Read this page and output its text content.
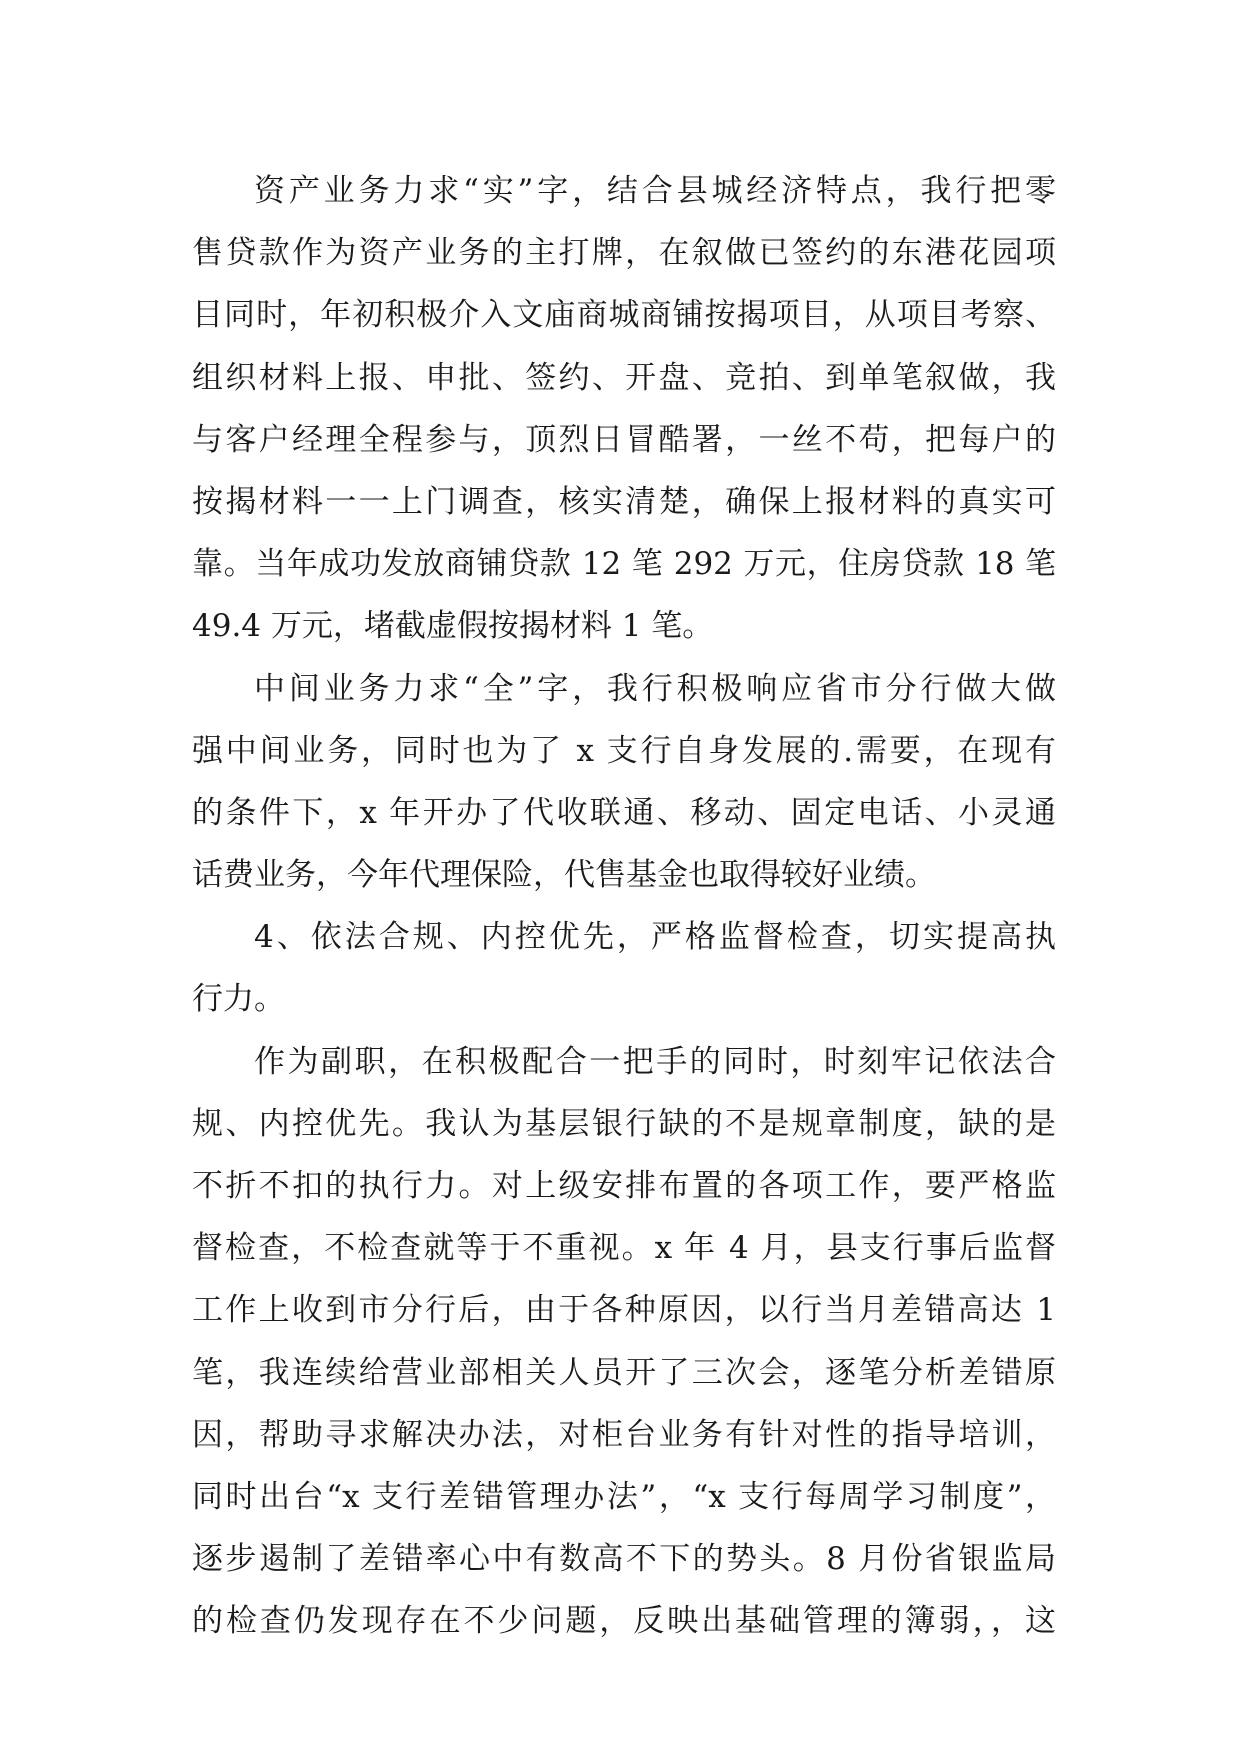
资产业务力求“实”字，结合县城经济特点，我行把零
售贷款作为资产业务的主打牌，在叙做已签约的东港花园项
目同时，年初积极介入文庙商城商铺按揭项目，从项目考察、
组织材料上报、申批、签约、开盘、竞拍、到单笔叙做，我
与客户经理全程参与，顶烈日冒酷署，一丝不苟，把每户的
按揭材料一一上门调查，核实清楚，确保上报材料的真实可
靠。当年成功发放商铺贷款 12 笔 292 万元，住房贷款 18 笔
49.4 万元，堵截虚假按揭材料 1 笔。
中间业务力求“全”字，我行积极响应省市分行做大做
强中间业务，同时也为了 x 支行自身发展的.需要，在现有
的条件下，x 年开办了代收联通、移动、固定电话、小灵通
话费业务，今年代理保险，代售基金也取得较好业绩。
4、依法合规、内控优先，严格监督检查，切实提高执
行力。
作为副职，在积极配合一把手的同时，时刻牢记依法合
规、内控优先。我认为基层银行缺的不是规章制度，缺的是
不折不扣的执行力。对上级安排布置的各项工作，要严格监
督检查，不检查就等于不重视。x 年 4 月，县支行事后监督
工作上收到市分行后，由于各种原因，以行当月差错高达 1
笔，我连续给营业部相关人员开了三次会，逐笔分析差错原
因，帮助寻求解决办法，对柜台业务有针对性的指导培训，
同时出台“x 支行差错管理办法”，“x 支行每周学习制度”，
逐步遏制了差错率心中有数高不下的势头。8 月份省银监局
的检查仍发现存在不少问题，反映出基础管理的簿弱，，这
